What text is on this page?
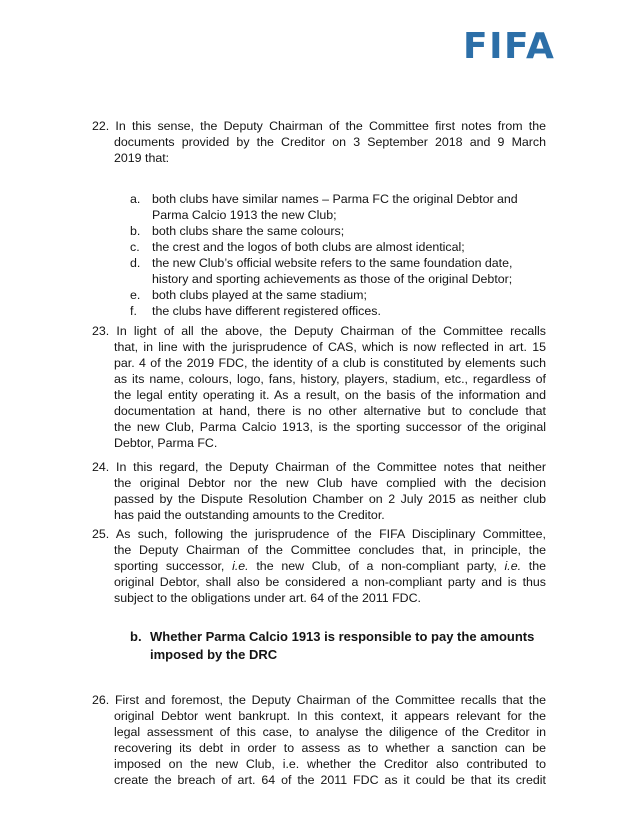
FIFA
22. In this sense, the Deputy Chairman of the Committee first notes from the
documents provided by the Creditor on 3 September 2018 and 9 March
2019 that:
a. both clubs have similar names – Parma FC the original Debtor and
Parma Calcio 1913 the new Club;
b. both clubs share the same colours;
c. the crest and the logos of both clubs are almost identical;
d. the new Club’s official website refers to the same foundation date,
history and sporting achievements as those of the original Debtor;
e. both clubs played at the same stadium;
f. the clubs have different registered offices.
23. In light of all the above, the Deputy Chairman of the Committee recalls
that, in line with the jurisprudence of CAS, which is now reflected in art. 15
par. 4 of the 2019 FDC, the identity of a club is constituted by elements such
as its name, colours, logo, fans, history, players, stadium, etc., regardless of
the legal entity operating it. As a result, on the basis of the information and
documentation at hand, there is no other alternative but to conclude that
the new Club, Parma Calcio 1913, is the sporting successor of the original
Debtor, Parma FC.
24. In this regard, the Deputy Chairman of the Committee notes that neither
the original Debtor nor the new Club have complied with the decision
passed by the Dispute Resolution Chamber on 2 July 2015 as neither club
has paid the outstanding amounts to the Creditor.
25. As such, following the jurisprudence of the FIFA Disciplinary Committee,
the Deputy Chairman of the Committee concludes that, in principle, the
sporting successor, i.e. the new Club, of a non-compliant party, i.e. the
original Debtor, shall also be considered a non-compliant party and is thus
subject to the obligations under art. 64 of the 2011 FDC.
b. Whether Parma Calcio 1913 is responsible to pay the amounts
imposed by the DRC
26. First and foremost, the Deputy Chairman of the Committee recalls that the
original Debtor went bankrupt. In this context, it appears relevant for the
legal assessment of this case, to analyse the diligence of the Creditor in
recovering its debt in order to assess as to whether a sanction can be
imposed on the new Club, i.e. whether the Creditor also contributed to
create the breach of art. 64 of the 2011 FDC as it could be that its credit
